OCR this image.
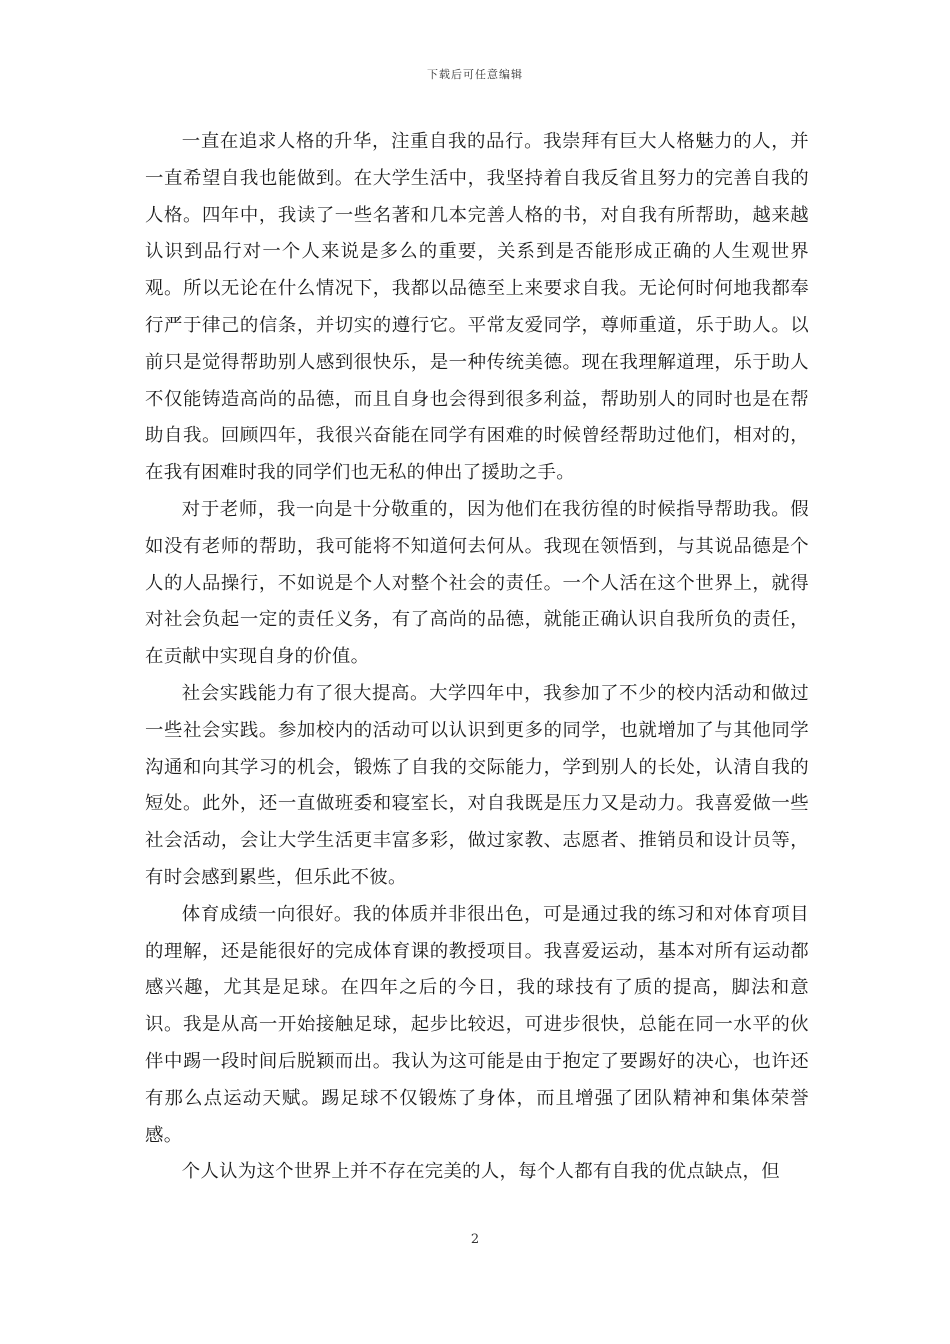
下载后可任意编辑

一直在追求人格的升华，注重自我的品行。我崇拜有巨大人格魅力的人，并一直希望自我也能做到。在大学生活中，我坚持着自我反省且努力的完善自我的人格。四年中，我读了一些名著和几本完善人格的书，对自我有所帮助，越来越认识到品行对一个人来说是多么的重要，关系到是否能形成正确的人生观世界观。所以无论在什么情况下，我都以品德至上来要求自我。无论何时何地我都奉行严于律己的信条，并切实的遵行它。平常友爱同学，尊师重道，乐于助人。以前只是觉得帮助别人感到很快乐，是一种传统美德。现在我理解道理，乐于助人不仅能铸造高尚的品德，而且自身也会得到很多利益，帮助别人的同时也是在帮助自我。回顾四年，我很兴奋能在同学有困难的时候曾经帮助过他们，相对的，在我有困难时我的同学们也无私的伸出了援助之手。

对于老师，我一向是十分敬重的，因为他们在我彷徨的时候指导帮助我。假如没有老师的帮助，我可能将不知道何去何从。我现在领悟到，与其说品德是个人的人品操行，不如说是个人对整个社会的责任。一个人活在这个世界上，就得对社会负起一定的责任义务，有了高尚的品德，就能正确认识自我所负的责任，在贡献中实现自身的价值。

社会实践能力有了很大提高。大学四年中，我参加了不少的校内活动和做过一些社会实践。参加校内的活动可以认识到更多的同学，也就增加了与其他同学沟通和向其学习的机会，锻炼了自我的交际能力，学到别人的长处，认清自我的短处。此外，还一直做班委和寝室长，对自我既是压力又是动力。我喜爱做一些社会活动，会让大学生活更丰富多彩，做过家教、志愿者、推销员和设计员等，有时会感到累些，但乐此不彼。

体育成绩一向很好。我的体质并非很出色，可是通过我的练习和对体育项目的理解，还是能很好的完成体育课的教授项目。我喜爱运动，基本对所有运动都感兴趣，尤其是足球。在四年之后的今日，我的球技有了质的提高，脚法和意识。我是从高一开始接触足球，起步比较迟，可进步很快，总能在同一水平的伙伴中踢一段时间后脱颖而出。我认为这可能是由于抱定了要踢好的决心，也许还有那么点运动天赋。踢足球不仅锻炼了身体，而且增强了团队精神和集体荣誉感。

个人认为这个世界上并不存在完美的人，每个人都有自我的优点缺点，但

2
